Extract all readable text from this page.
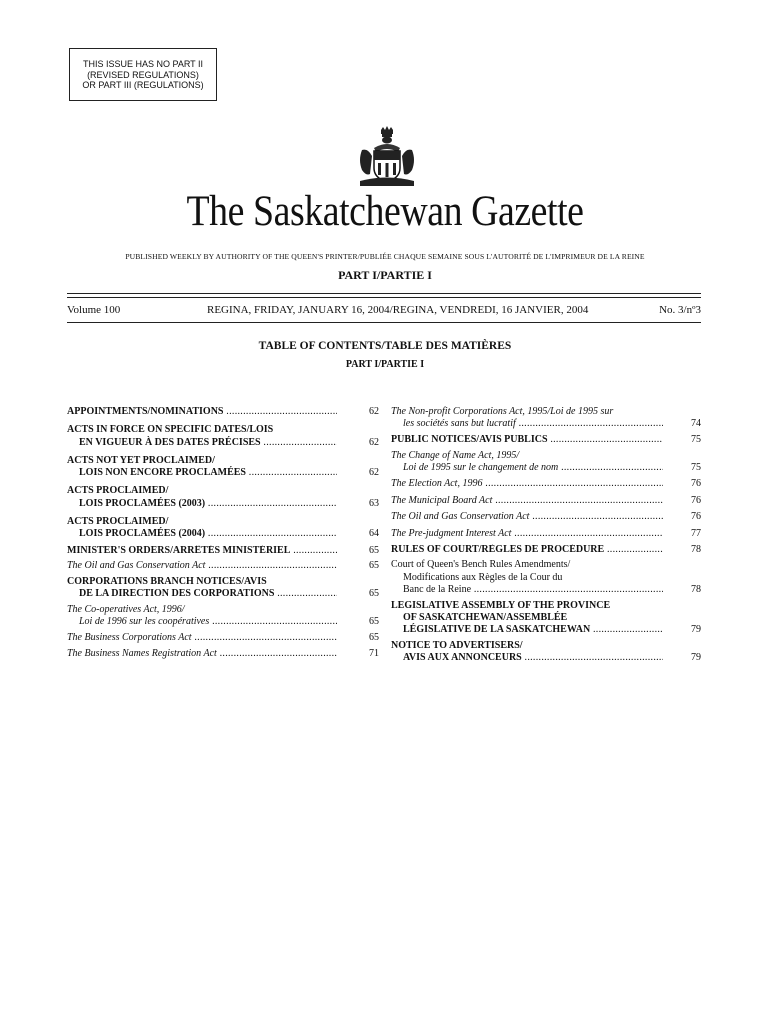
THIS ISSUE HAS NO PART II
(REVISED REGULATIONS)
OR PART III (REGULATIONS)
The Saskatchewan Gazette
PUBLISHED WEEKLY BY AUTHORITY OF THE QUEEN'S PRINTER/PUBLIÉE CHAQUE SEMAINE SOUS L'AUTORITÉ DE L'IMPRIMEUR DE LA REINE
PART I/PARTIE I
Volume 100	REGINA, FRIDAY, JANUARY 16, 2004/REGINA, VENDREDI, 16 JANVIER, 2004	No. 3/nº3
TABLE OF CONTENTS/TABLE DES MATIÈRES
PART I/PARTIE I
APPOINTMENTS/NOMINATIONS .....	62
ACTS IN FORCE ON SPECIFIC DATES/LOIS
EN VIGUEUR À DES DATES PRÉCISES .....	62
ACTS NOT YET PROCLAIMED/
LOIS NON ENCORE PROCLAMÉES .....	62
ACTS PROCLAIMED/
LOIS PROCLAMÉES (2003) .....	63
ACTS PROCLAIMED/
LOIS PROCLAMÉES (2004) .....	64
MINISTER'S ORDERS/ARRÊTÉS MINISTÉRIEL .....	65
The Oil and Gas Conservation Act .....	65
CORPORATIONS BRANCH NOTICES/AVIS
DE LA DIRECTION DES CORPORATIONS .....	65
The Co-operatives Act, 1996/
Loi de 1996 sur les coopératives .....	65
The Business Corporations Act .....	65
The Business Names Registration Act .....	71
The Non-profit Corporations Act, 1995/Loi de 1995 sur
les sociétés sans but lucratif .....	74
PUBLIC NOTICES/AVIS PUBLICS .....	75
The Change of Name Act, 1995/
Loi de 1995 sur le changement de nom .....	75
The Election Act, 1996 .....	76
The Municipal Board Act .....	76
The Oil and Gas Conservation Act .....	76
The Pre-judgment Interest Act .....	77
RULES OF COURT/RÈGLES DE PROCÉDURE .....	78
Court of Queen's Bench Rules Amendments/
Modifications aux Règles de la Cour du
Banc de la Reine .....	78
LEGISLATIVE ASSEMBLY OF THE PROVINCE
OF SASKATCHEWAN/ASSEMBLÉE
LÉGISLATIVE DE LA SASKATCHEWAN .....	79
NOTICE TO ADVERTISERS/
AVIS AUX ANNONCEURS .....	79
